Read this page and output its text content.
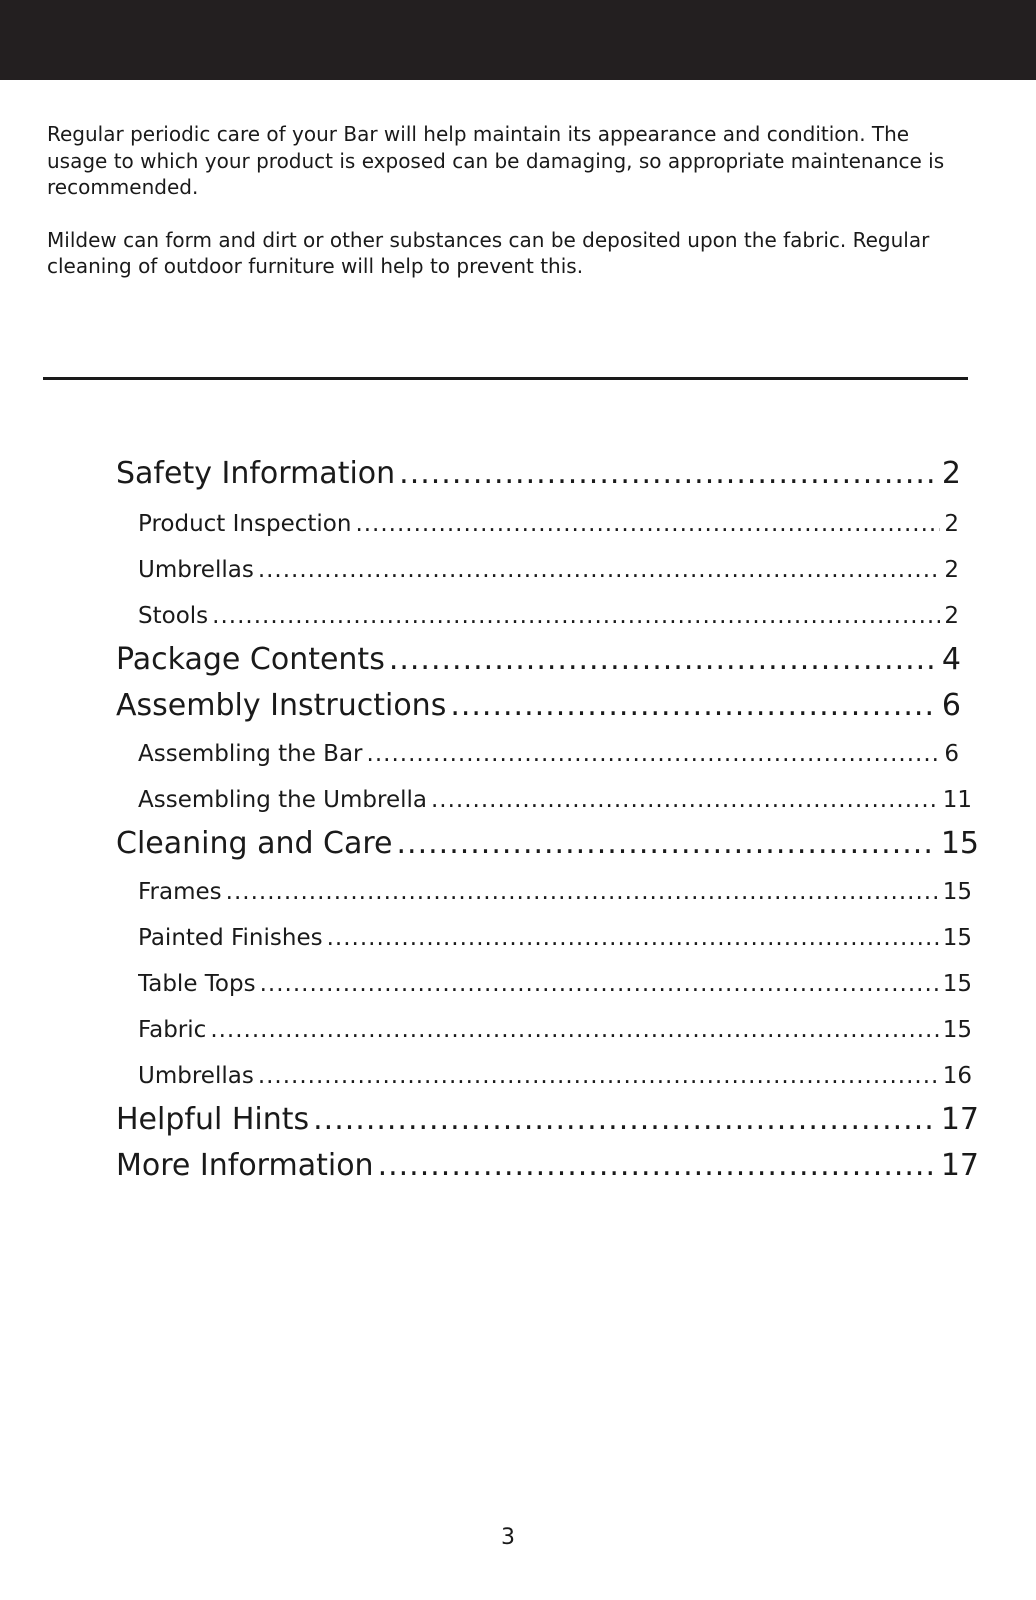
Regular periodic care of your Bar will help maintain its appearance and condition. The usage to which your product is exposed can be damaging, so appropriate maintenance is recommended.

Mildew can form and dirt or other substances can be deposited upon the fabric. Regular cleaning of outdoor furniture will help to prevent this.

Safety Information .....	2
Product Inspection .....	2
Umbrellas .....	2
Stools .....	2
Package Contents .....	4
Assembly Instructions .....	6
Assembling the Bar .....	6
Assembling the Umbrella .....	11
Cleaning and Care .....	15
Frames .....	15
Painted Finishes .....	15
Table Tops .....	15
Fabric .....	15
Umbrellas .....	16
Helpful Hints .....	17
More Information .....	17
3
